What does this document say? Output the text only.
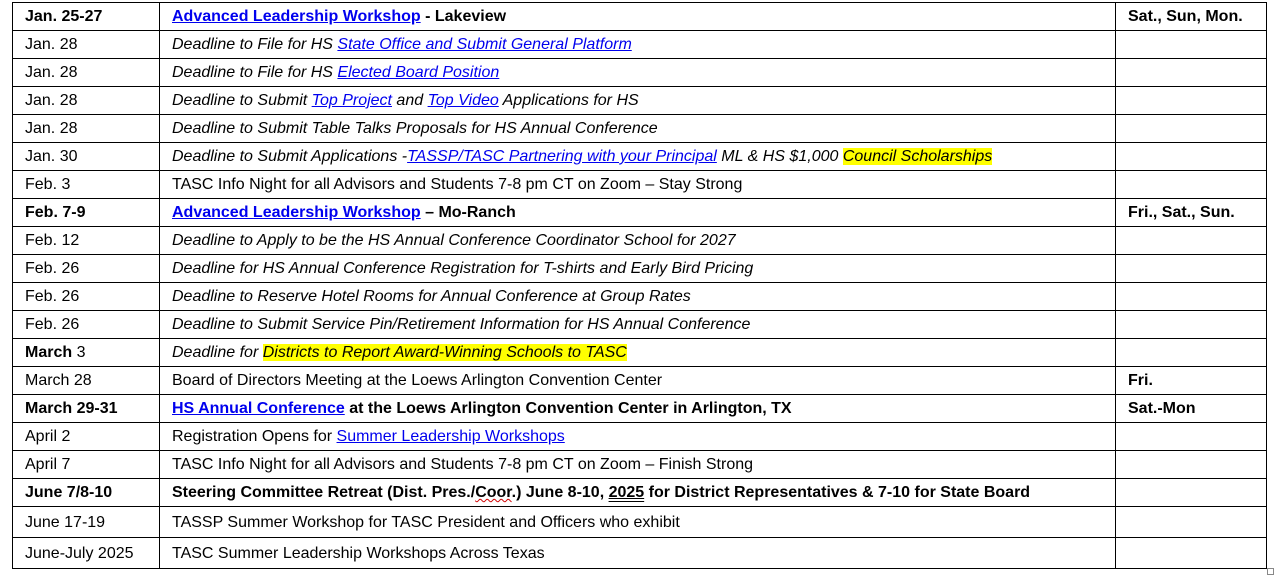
Jan. 25-27	Advanced Leadership Workshop - Lakeview	Sat., Sun, Mon.
Jan. 28	Deadline to File for HS State Office and Submit General Platform	
Jan. 28	Deadline to File for HS Elected Board Position	
Jan. 28	Deadline to Submit Top Project and Top Video Applications for HS	
Jan. 28	Deadline to Submit Table Talks Proposals for HS Annual Conference	
Jan. 30	Deadline to Submit Applications -TASSP/TASC Partnering with your Principal ML & HS $1,000 Council Scholarships	
Feb. 3	TASC Info Night for all Advisors and Students 7-8 pm CT on Zoom – Stay Strong	
Feb. 7-9	Advanced Leadership Workshop – Mo-Ranch	Fri., Sat., Sun.
Feb. 12	Deadline to Apply to be the HS Annual Conference Coordinator School for 2027	
Feb. 26	Deadline for HS Annual Conference Registration for T-shirts and Early Bird Pricing	
Feb. 26	Deadline to Reserve Hotel Rooms for Annual Conference at Group Rates	
Feb. 26	Deadline to Submit Service Pin/Retirement Information for HS Annual Conference	
March 3	Deadline for Districts to Report Award-Winning Schools to TASC	
March 28	Board of Directors Meeting at the Loews Arlington Convention Center	Fri.
March 29-31	HS Annual Conference at the Loews Arlington Convention Center in Arlington, TX	Sat.-Mon
April 2	Registration Opens for Summer Leadership Workshops	
April 7	TASC Info Night for all Advisors and Students 7-8 pm CT on Zoom – Finish Strong	
June 7/8-10	Steering Committee Retreat (Dist. Pres./Coor.) June 8-10, 2025 for District Representatives & 7-10 for State Board	
June 17-19	TASSP Summer Workshop for TASC President and Officers who exhibit	
June-July 2025	TASC Summer Leadership Workshops Across Texas	
